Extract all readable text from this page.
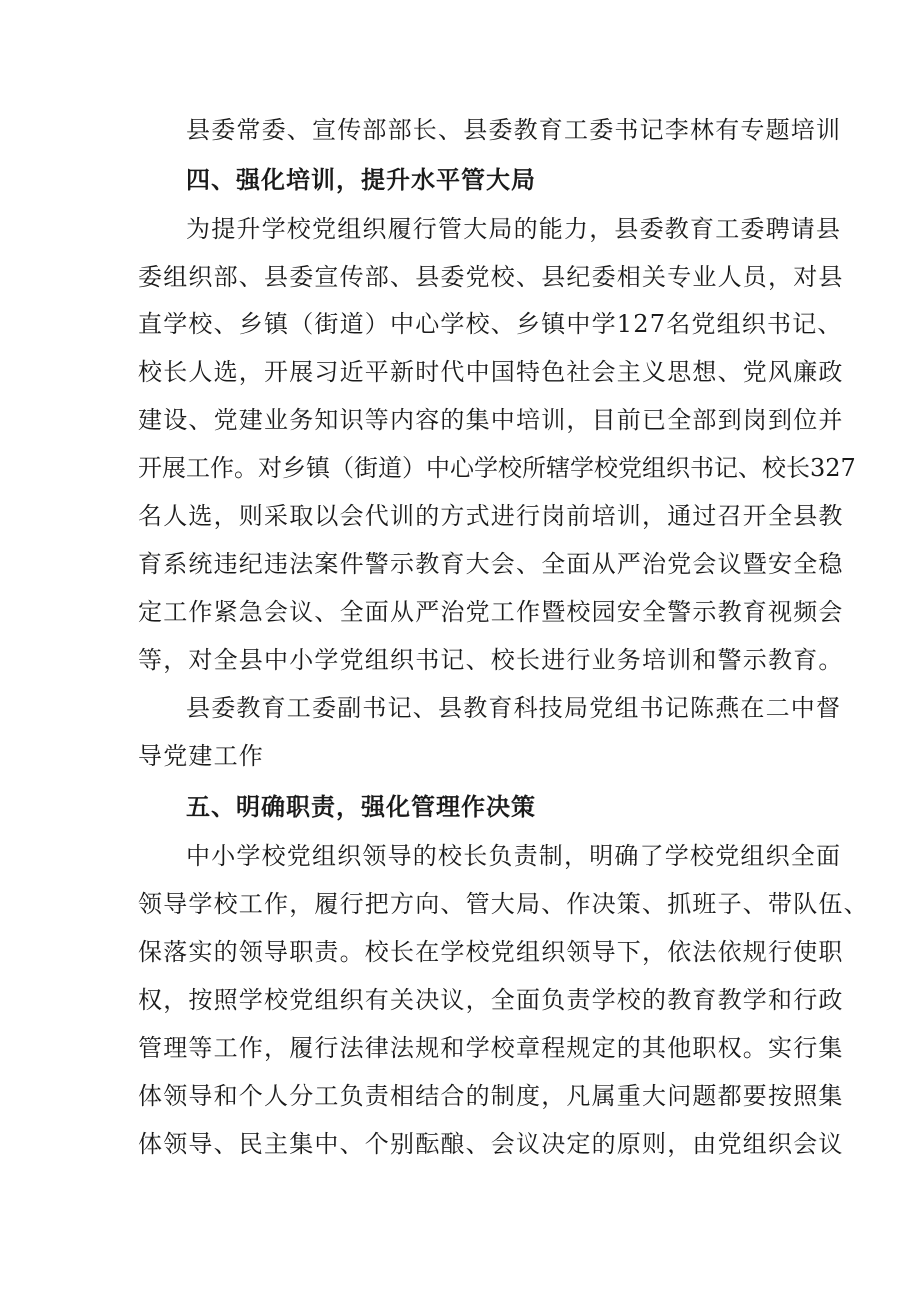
县委常委、宣传部部长、县委教育工委书记李林有专题培训
四、强化培训，提升水平管大局
为提升学校党组织履行管大局的能力，县委教育工委聘请县
委组织部、县委宣传部、县委党校、县纪委相关专业人员，对县
直学校、乡镇（街道）中心学校、乡镇中学127名党组织书记、
校长人选，开展习近平新时代中国特色社会主义思想、党风廉政
建设、党建业务知识等内容的集中培训，目前已全部到岗到位并
开展工作。对乡镇（街道）中心学校所辖学校党组织书记、校长327
名人选，则采取以会代训的方式进行岗前培训，通过召开全县教
育系统违纪违法案件警示教育大会、全面从严治党会议暨安全稳
定工作紧急会议、全面从严治党工作暨校园安全警示教育视频会
等，对全县中小学党组织书记、校长进行业务培训和警示教育。
县委教育工委副书记、县教育科技局党组书记陈燕在二中督
导党建工作
五、明确职责，强化管理作决策
中小学校党组织领导的校长负责制，明确了学校党组织全面
领导学校工作，履行把方向、管大局、作决策、抓班子、带队伍、
保落实的领导职责。校长在学校党组织领导下，依法依规行使职
权，按照学校党组织有关决议，全面负责学校的教育教学和行政
管理等工作，履行法律法规和学校章程规定的其他职权。实行集
体领导和个人分工负责相结合的制度，凡属重大问题都要按照集
体领导、民主集中、个别酝酿、会议决定的原则，由党组织会议
